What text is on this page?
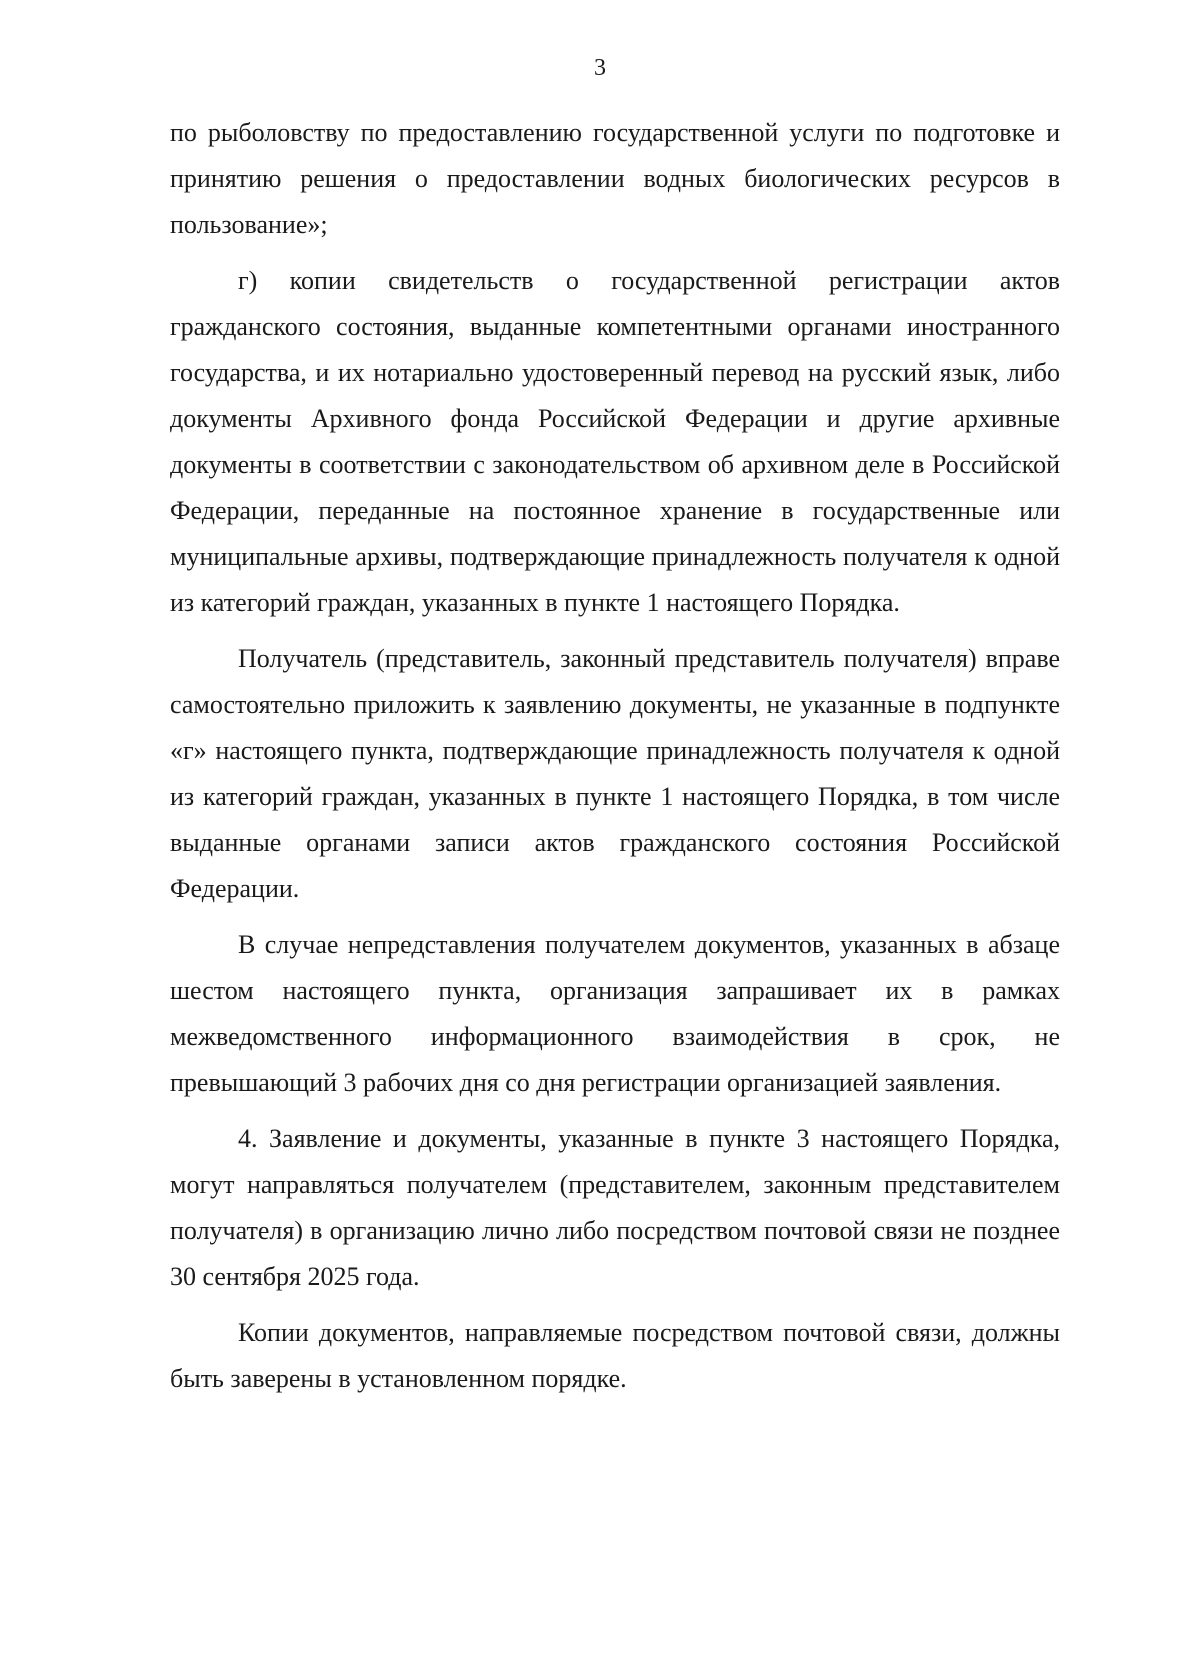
3

по рыболовству по предоставлению государственной услуги по подготовке и принятию решения о предоставлении водных биологических ресурсов в пользование»;

г) копии свидетельств о государственной регистрации актов гражданского состояния, выданные компетентными органами иностранного государства, и их нотариально удостоверенный перевод на русский язык, либо документы Архивного фонда Российской Федерации и другие архивные документы в соответствии с законодательством об архивном деле в Российской Федерации, переданные на постоянное хранение в государственные или муниципальные архивы, подтверждающие принадлежность получателя к одной из категорий граждан, указанных в пункте 1 настоящего Порядка.

Получатель (представитель, законный представитель получателя) вправе самостоятельно приложить к заявлению документы, не указанные в подпункте «г» настоящего пункта, подтверждающие принадлежность получателя к одной из категорий граждан, указанных в пункте 1 настоящего Порядка, в том числе выданные органами записи актов гражданского состояния Российской Федерации.

В случае непредставления получателем документов, указанных в абзаце шестом настоящего пункта, организация запрашивает их в рамках межведомственного информационного взаимодействия в срок, не превышающий 3 рабочих дня со дня регистрации организацией заявления.

4. Заявление и документы, указанные в пункте 3 настоящего Порядка, могут направляться получателем (представителем, законным представителем получателя) в организацию лично либо посредством почтовой связи не позднее 30 сентября 2025 года.

Копии документов, направляемые посредством почтовой связи, должны быть заверены в установленном порядке.
